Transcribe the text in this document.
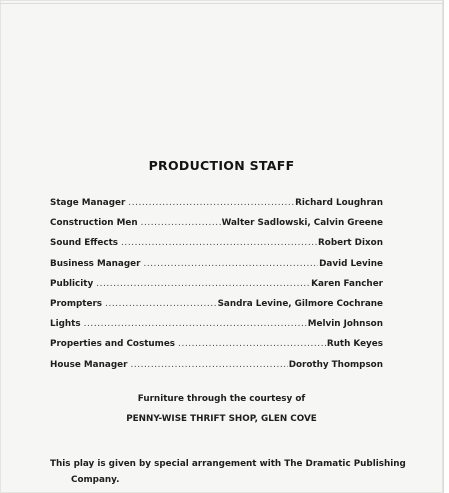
PRODUCTION STAFF
Stage Manager .....	Richard Loughran
Construction Men .....	Walter Sadlowski, Calvin Greene
Sound Effects .....	Robert Dixon
Business Manager .....	David Levine
Publicity .....	Karen Fancher
Prompters .....	Sandra Levine, Gilmore Cochrane
Lights .....	Melvin Johnson
Properties and Costumes .....	Ruth Keyes
House Manager .....	Dorothy Thompson
Furniture through the courtesy of
PENNY-WISE THRIFT SHOP, GLEN COVE
This play is given by special arrangement with The Dramatic Publishing
Company.
